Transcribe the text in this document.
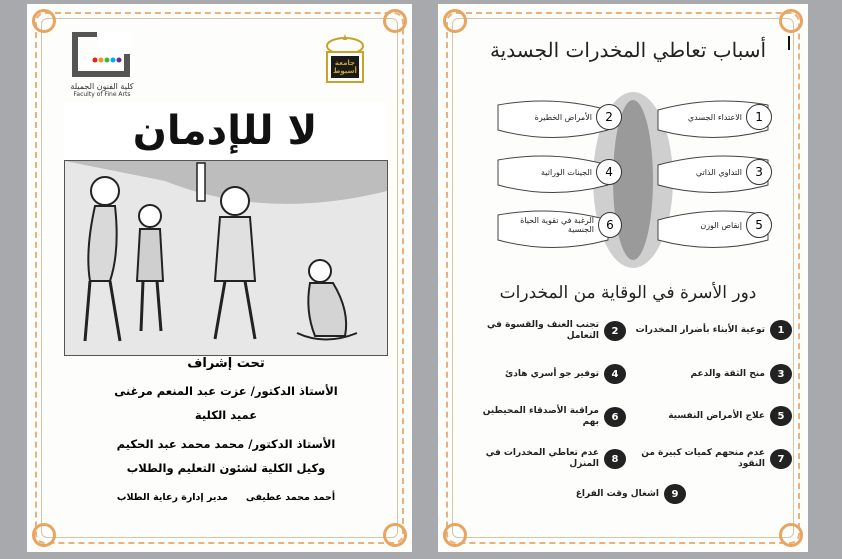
كلية الفنون الجميلة
Faculty of Fine Arts
جامعة أسيوط
لا للإدمان
تحت إشراف
الأستاذ الدكتور/ عزت عبد المنعم مرغنى
عميد الكلية
الأستاذ الدكتور/ محمد محمد عبد الحكيم
وكيل الكلية لشئون التعليم والطلاب
أحمد محمد عطيفى
مدير إدارة رعاية الطلاب
أسباب تعاطي المخدرات الجسدية
1
الاعتداء الجسدي
2
الأمراض الخطيرة
3
التداوي الذاتي
4
الجينات الوراثية
5
إنقاص الوزن
6
الرغبة في تقوية الحياة الجنسية
دور الأسرة في الوقاية من المخدرات
1
توعية الأبناء بأضرار المخدرات
2
تجنب العنف والقسوة في التعامل
3
منح الثقة والدعم
4
توفير جو أسري هادئ
5
علاج الأمراض النفسية
6
مراقبة الأصدقاء المحيطين بهم
7
عدم منحهم كميات كبيرة من النقود
8
عدم تعاطي المخدرات في المنزل
9
اشغال وقت الفراغ
